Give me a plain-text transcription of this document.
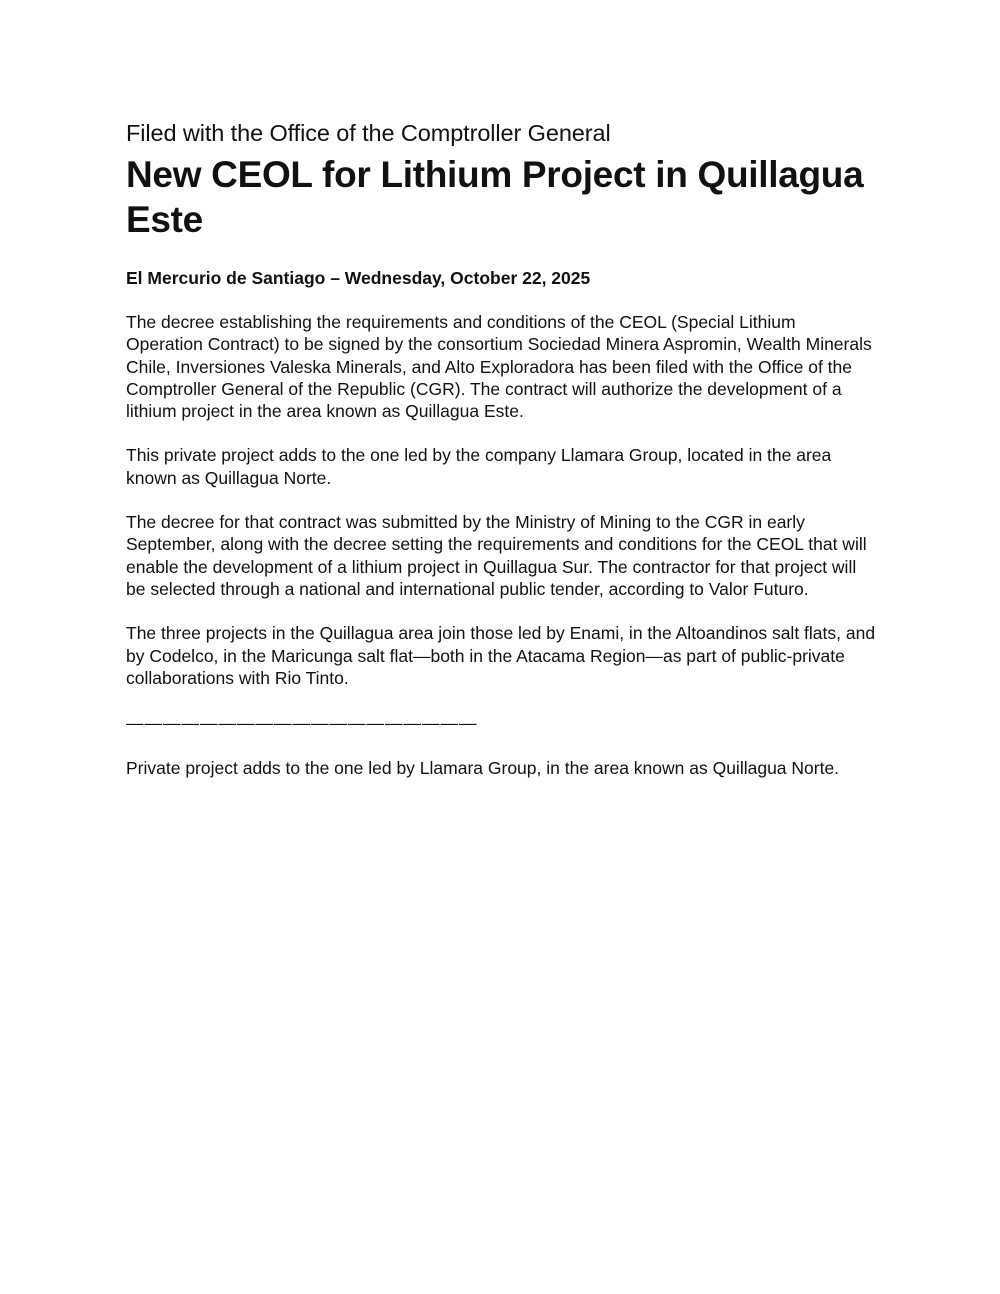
Filed with the Office of the Comptroller General

New CEOL for Lithium Project in Quillagua Este

El Mercurio de Santiago – Wednesday, October 22, 2025

The decree establishing the requirements and conditions of the CEOL (Special Lithium Operation Contract) to be signed by the consortium Sociedad Minera Aspromin, Wealth Minerals Chile, Inversiones Valeska Minerals, and Alto Exploradora has been filed with the Office of the Comptroller General of the Republic (CGR). The contract will authorize the development of a lithium project in the area known as Quillagua Este.

This private project adds to the one led by the company Llamara Group, located in the area known as Quillagua Norte.

The decree for that contract was submitted by the Ministry of Mining to the CGR in early September, along with the decree setting the requirements and conditions for the CEOL that will enable the development of a lithium project in Quillagua Sur. The contractor for that project will be selected through a national and international public tender, according to Valor Futuro.

The three projects in the Quillagua area join those led by Enami, in the Altoandinos salt flats, and by Codelco, in the Maricunga salt flat—both in the Atacama Region—as part of public-private collaborations with Rio Tinto.

———————————————————

Private project adds to the one led by Llamara Group, in the area known as Quillagua Norte.
